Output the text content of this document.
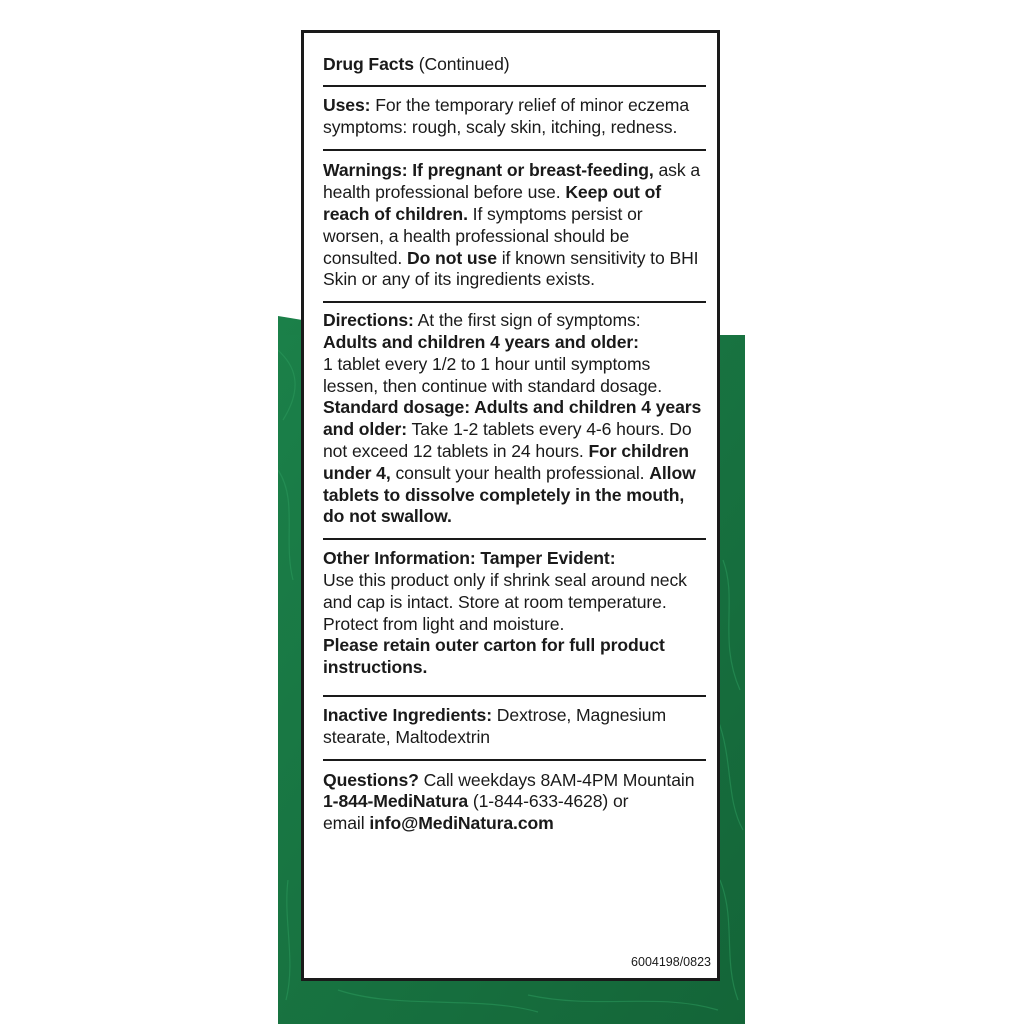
Drug Facts (Continued)
Uses: For the temporary relief of minor eczema symptoms: rough, scaly skin, itching, redness.
Warnings: If pregnant or breast-feeding, ask a health professional before use. Keep out of reach of children. If symptoms persist or worsen, a health professional should be consulted. Do not use if known sensitivity to BHI Skin or any of its ingredients exists.
Directions: At the first sign of symptoms:
Adults and children 4 years and older:
1 tablet every 1/2 to 1 hour until symptoms lessen, then continue with standard dosage.
Standard dosage: Adults and children 4 years and older: Take 1-2 tablets every 4-6 hours. Do not exceed 12 tablets in 24 hours. For children under 4, consult your health professional. Allow tablets to dissolve completely in the mouth, do not swallow.
Other Information: Tamper Evident:
Use this product only if shrink seal around neck and cap is intact. Store at room temperature. Protect from light and moisture.
Please retain outer carton for full product instructions.
Inactive Ingredients: Dextrose, Magnesium stearate, Maltodextrin
Questions? Call weekdays 8AM-4PM Mountain
1-844-MediNatura (1-844-633-4628) or
email info@MediNatura.com
6004198/0823
